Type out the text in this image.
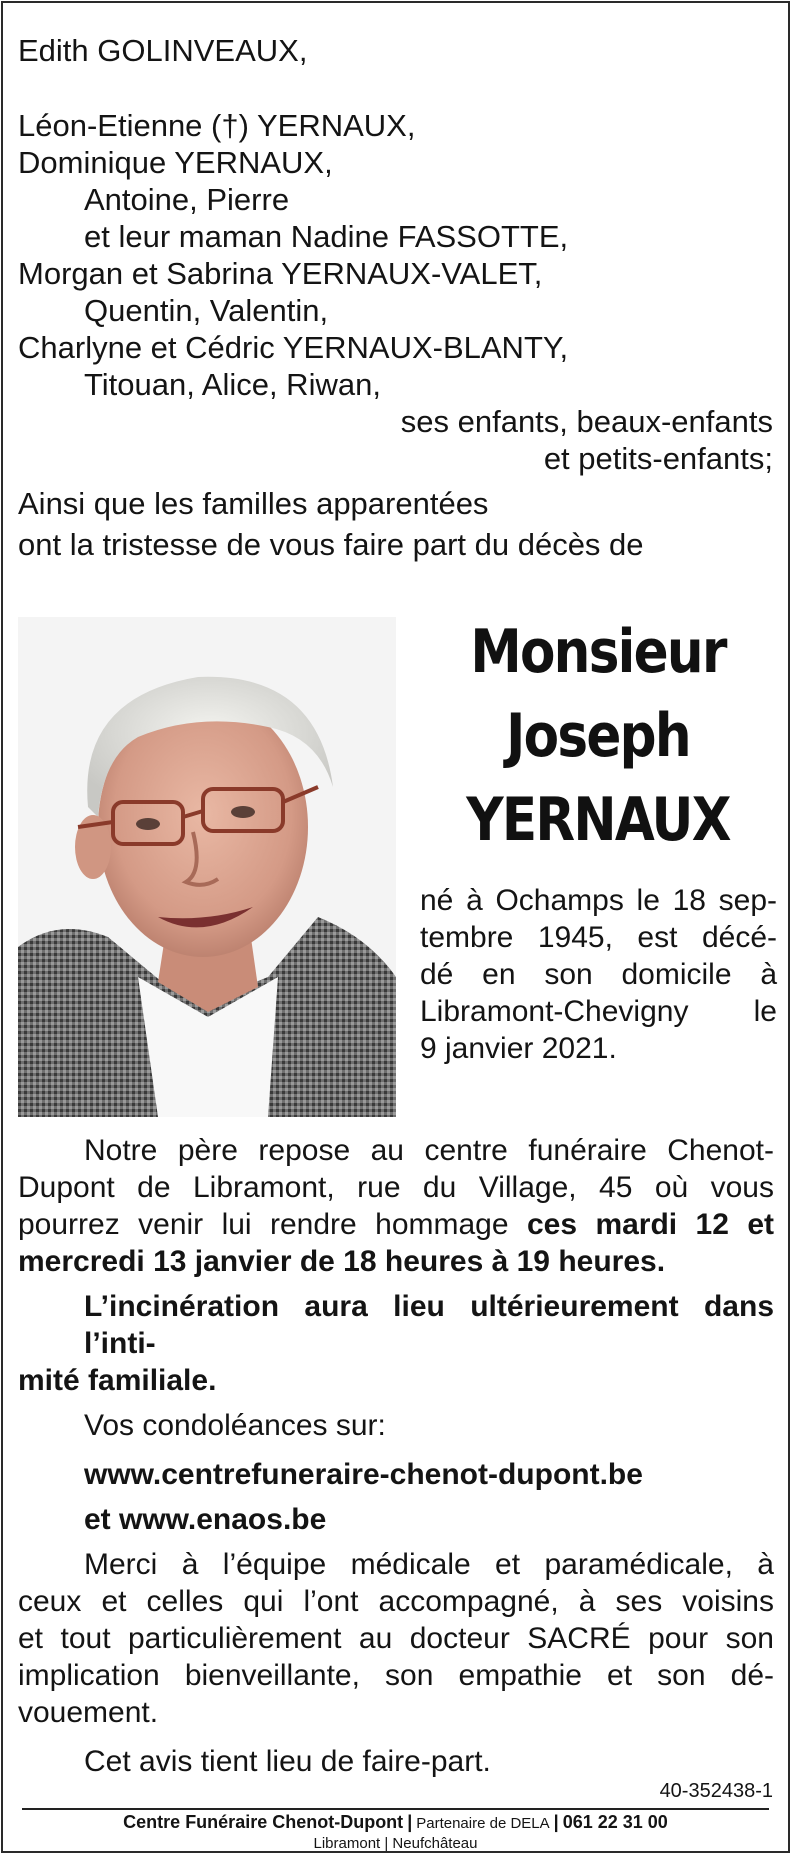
Edith GOLINVEAUX,
Léon-Etienne (†) YERNAUX,
Dominique YERNAUX,
Antoine, Pierre
et leur maman Nadine FASSOTTE,
Morgan et Sabrina YERNAUX-VALET,
Quentin, Valentin,
Charlyne et Cédric YERNAUX-BLANTY,
Titouan, Alice, Riwan,
ses enfants, beaux-enfants
et petits-enfants;
Ainsi que les familles apparentées
ont la tristesse de vous faire part du décès de
Monsieur
Joseph
YERNAUX
né à Ochamps le 18 sep-
tembre 1945, est décé-
dé en son domicile à
Libramont-Chevigny le
9 janvier 2021.
Notre père repose au centre funéraire Chenot-
Dupont de Libramont, rue du Village, 45 où vous
pourrez venir lui rendre hommage ces mardi 12 et
mercredi 13 janvier de 18 heures à 19 heures.
L’incinération aura lieu ultérieurement dans l’inti-
mité familiale.
Vos condoléances sur:
www.centrefuneraire-chenot-dupont.be
et www.enaos.be
Merci à l’équipe médicale et paramédicale, à
ceux et celles qui l’ont accompagné, à ses voisins
et tout particulièrement au docteur SACRÉ pour son
implication bienveillante, son empathie et son dé-
vouement.
Cet avis tient lieu de faire-part.
40-352438-1
Centre Funéraire Chenot-Dupont | Partenaire de DELA | 061 22 31 00
Libramont | Neufchâteau
